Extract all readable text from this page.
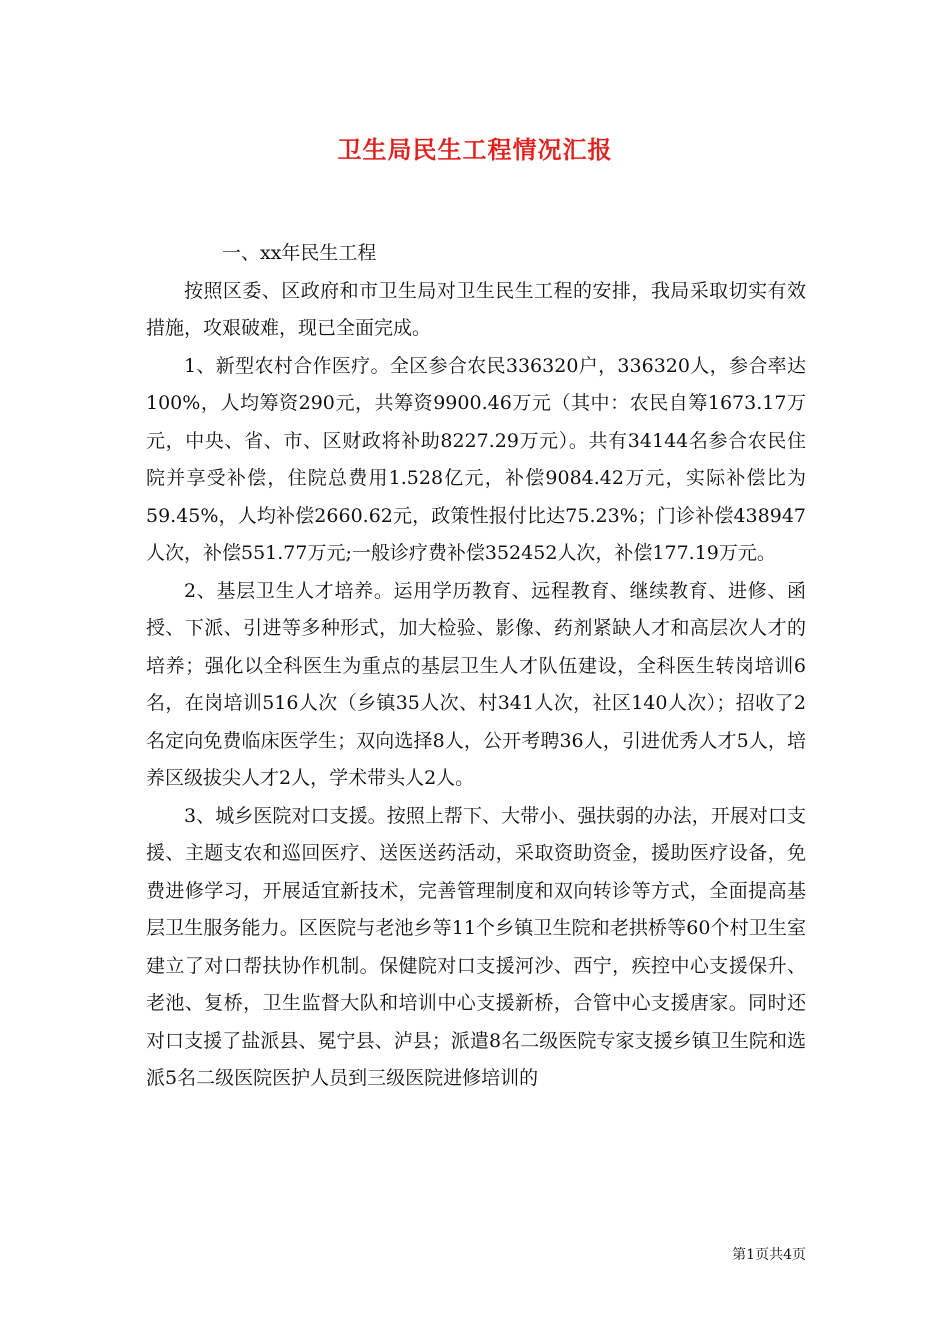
卫生局民生工程情况汇报

一、xx年民生工程

按照区委、区政府和市卫生局对卫生民生工程的安排，我局采取切实有效措施，攻艰破难，现已全面完成。

1、新型农村合作医疗。全区参合农民336320户，336320人，参合率达100%，人均筹资290元，共筹资9900.46万元（其中：农民自筹1673.17万元，中央、省、市、区财政将补助8227.29万元）。共有34144名参合农民住院并享受补偿，住院总费用1.528亿元，补偿9084.42万元，实际补偿比为59.45%，人均补偿2660.62元，政策性报付比达75.23%；门诊补偿438947人次，补偿551.77万元;一般诊疗费补偿352452人次，补偿177.19万元。

2、基层卫生人才培养。运用学历教育、远程教育、继续教育、进修、函授、下派、引进等多种形式，加大检验、影像、药剂紧缺人才和高层次人才的培养；强化以全科医生为重点的基层卫生人才队伍建设，全科医生转岗培训6名，在岗培训516人次（乡镇35人次、村341人次，社区140人次）；招收了2名定向免费临床医学生；双向选择8人，公开考聘36人，引进优秀人才5人，培养区级拔尖人才2人，学术带头人2人。

3、城乡医院对口支援。按照上帮下、大带小、强扶弱的办法，开展对口支援、主题支农和巡回医疗、送医送药活动，采取资助资金，援助医疗设备，免费进修学习，开展适宜新技术，完善管理制度和双向转诊等方式，全面提高基层卫生服务能力。区医院与老池乡等11个乡镇卫生院和老拱桥等60个村卫生室建立了对口帮扶协作机制。保健院对口支援河沙、西宁，疾控中心支援保升、老池、复桥，卫生监督大队和培训中心支援新桥，合管中心支援唐家。同时还对口支援了盐派县、冕宁县、泸县；派遣8名二级医院专家支援乡镇卫生院和选派5名二级医院医护人员到三级医院进修培训的

第1页共4页
